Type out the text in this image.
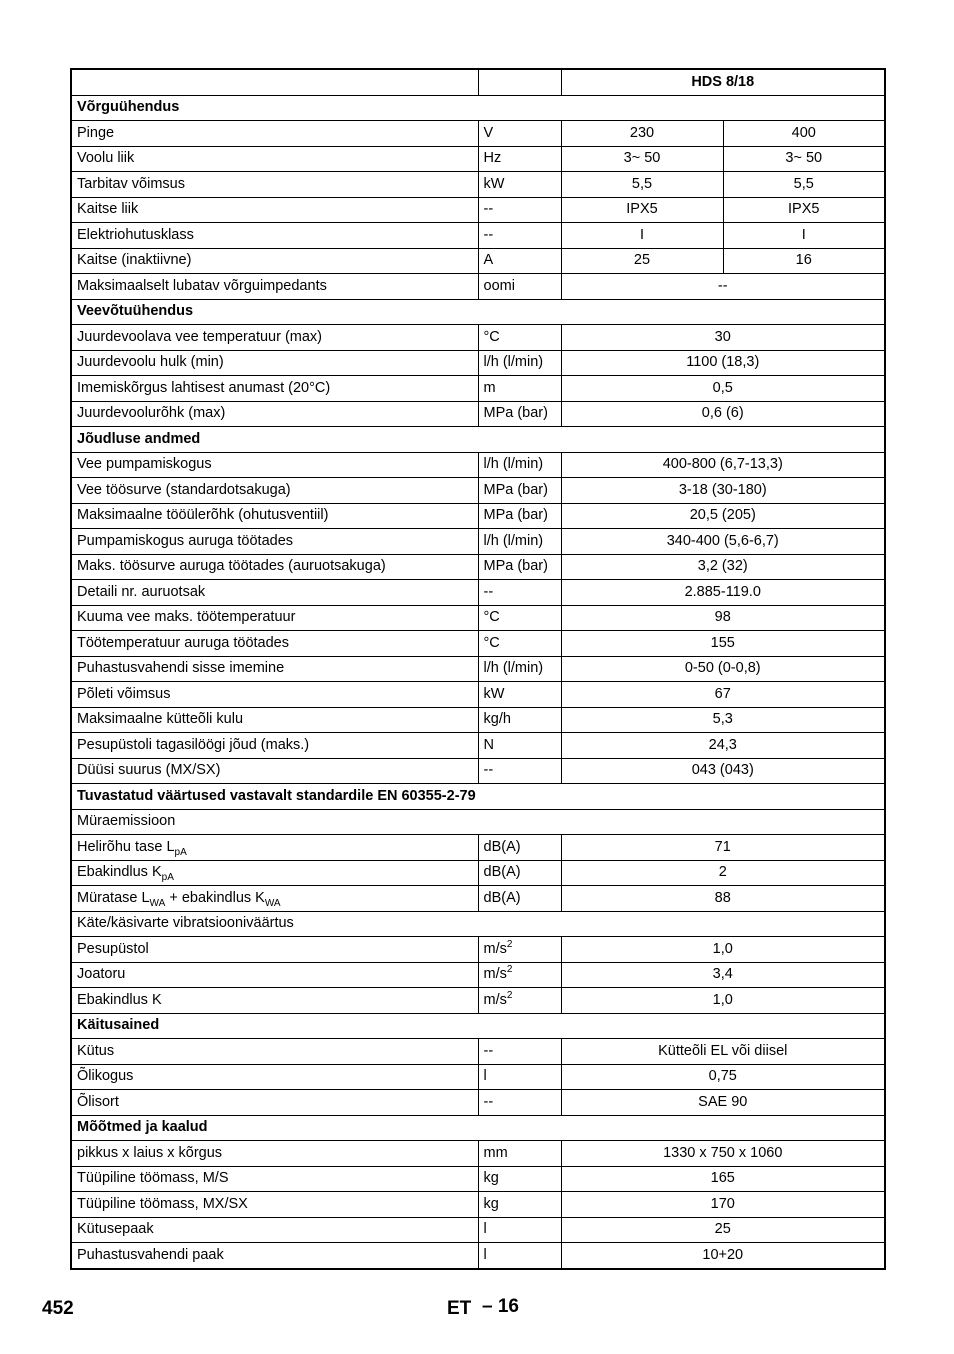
		HDS 8/18	
Võrguühendus			
Pinge	V	230	400
Voolu liik	Hz	3~ 50	3~ 50
Tarbitav võimsus	kW	5,5	5,5
Kaitse liik	--	IPX5	IPX5
Elektriohutusklass	--	I	I
Kaitse (inaktiivne)	A	25	16
Maksimaalselt lubatav võrguimpedants	oomi	--	
Veevõtuühendus			
Juurdevoolava vee temperatuur (max)	°C	30	
Juurdevoolu hulk (min)	l/h (l/min)	1100 (18,3)	
Imemiskõrgus lahtisest anumast (20°C)	m	0,5	
Juurdevoolurõhk (max)	MPa (bar)	0,6 (6)	
Jõudluse andmed			
Vee pumpamiskogus	l/h (l/min)	400-800 (6,7-13,3)	
Vee töösurve (standardotsakuga)	MPa (bar)	3-18 (30-180)	
Maksimaalne tööülerõhk (ohutusventiil)	MPa (bar)	20,5 (205)	
Pumpamiskogus auruga töötades	l/h (l/min)	340-400 (5,6-6,7)	
Maks. töösurve auruga töötades (auruotsakuga)	MPa (bar)	3,2 (32)	
Detaili nr. auruotsak	--	2.885-119.0	
Kuuma vee maks. töötemperatuur	°C	98	
Töötemperatuur auruga töötades	°C	155	
Puhastusvahendi sisse imemine	l/h (l/min)	0-50 (0-0,8)	
Põleti võimsus	kW	67	
Maksimaalne kütteõli kulu	kg/h	5,3	
Pesupüstoli tagasilöögi jõud (maks.)	N	24,3	
Düüsi suurus (MX/SX)	--	043 (043)	
Tuvastatud väärtused vastavalt standardile EN 60355-2-79			
Müraemissioon			
Helirõhu tase $L_{pA}$	dB(A)	71	
Ebakindlus $K_{pA}$	dB(A)	2	
Müratase $L_{WA}$ + ebakindlus $K_{WA}$	dB(A)	88	
Käte/käsivarte vibratsiooniväärtus			
Pesupüstol	$m/s^2$	1,0	
Joatoru	$m/s^2$	3,4	
Ebakindlus K	$m/s^2$	1,0	
Käitusained			
Kütus	--	Kütteõli EL või diisel	
Õlikogus	l	0,75	
Õlisort	--	SAE 90	
Mõõtmed ja kaalud			
pikkus x laius x kõrgus	mm	1330 x 750 x 1060	
Tüüpiline töömass, M/S	kg	165	
Tüüpiline töömass, MX/SX	kg	170	
Kütusepaak	l	25	
Puhastusvahendi paak	l	10+20	
452	ET – 16
